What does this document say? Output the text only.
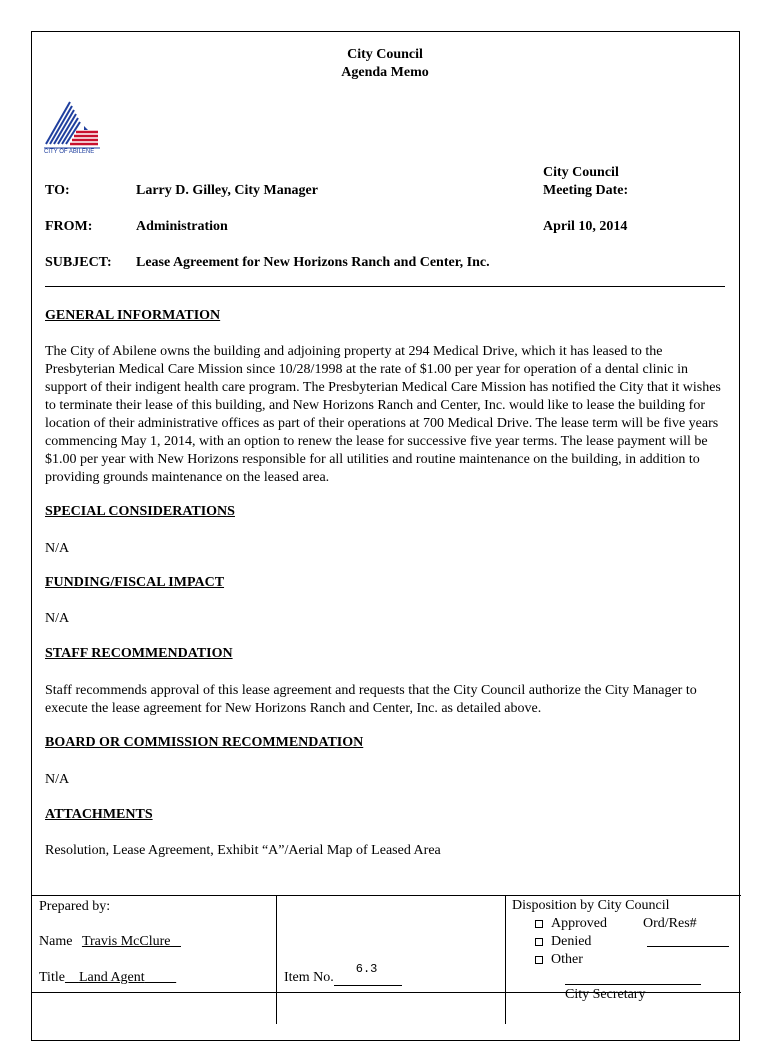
City Council
Agenda Memo
CITY OF ABILENE
City Council
Meeting Date:
TO:	Larry D. Gilley, City Manager
FROM:	Administration	April 10, 2014
SUBJECT: Lease Agreement for New Horizons Ranch and Center, Inc.
GENERAL INFORMATION
The City of Abilene owns the building and adjoining property at 294 Medical Drive, which it has leased to the Presbyterian Medical Care Mission since 10/28/1998 at the rate of $1.00 per year for operation of a dental clinic in support of their indigent health care program. The Presbyterian Medical Care Mission has notified the City that it wishes to terminate their lease of this building, and New Horizons Ranch and Center, Inc. would like to lease the building for location of their administrative offices as part of their operations at 700 Medical Drive. The lease term will be five years commencing May 1, 2014, with an option to renew the lease for successive five year terms. The lease payment will be $1.00 per year with New Horizons responsible for all utilities and routine maintenance on the building, in addition to providing grounds maintenance on the leased area.
SPECIAL CONSIDERATIONS
N/A
FUNDING/FISCAL IMPACT
N/A
STAFF RECOMMENDATION
Staff recommends approval of this lease agreement and requests that the City Council authorize the City Manager to execute the lease agreement for New Horizons Ranch and Center, Inc. as detailed above.
BOARD OR COMMISSION RECOMMENDATION
N/A
ATTACHMENTS
Resolution, Lease Agreement, Exhibit “A”/Aerial Map of Leased Area
Prepared by:
Name Travis McClure
Title Land Agent	Item No.
6.3
Disposition by City Council
Approved
Denied
Other
Ord/Res#
City Secretary
